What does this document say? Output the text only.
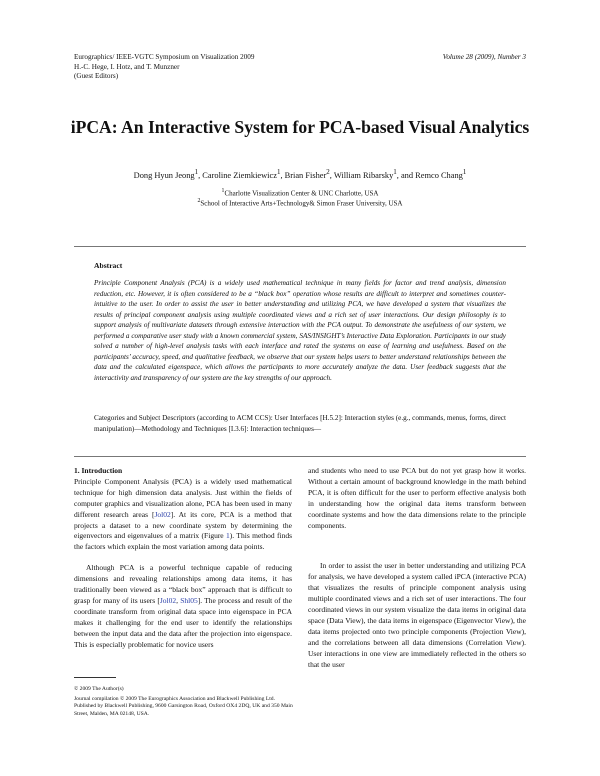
Eurographics/ IEEE-VGTC Symposium on Visualization 2009
H.-C. Hege, I. Hotz, and T. Munzner
(Guest Editors)
Volume 28 (2009), Number 3
iPCA: An Interactive System for PCA-based Visual Analytics
Dong Hyun Jeong$^1$, Caroline Ziemkiewicz$^1$, Brian Fisher$^2$, William Ribarsky$^1$, and Remco Chang$^1$
$^1$Charlotte Visualization Center & UNC Charlotte, USA
$^2$School of Interactive Arts+Technology& Simon Fraser University, USA
Abstract
Principle Component Analysis (PCA) is a widely used mathematical technique in many fields for factor and trend analysis, dimension reduction, etc. However, it is often considered to be a “black box” operation whose results are difficult to interpret and sometimes counter-intuitive to the user. In order to assist the user in better understanding and utilizing PCA, we have developed a system that visualizes the results of principal component analysis using multiple coordinated views and a rich set of user interactions. Our design philosophy is to support analysis of multivariate datasets through extensive interaction with the PCA output. To demonstrate the usefulness of our system, we performed a comparative user study with a known commercial system, SAS/INSIGHT’s Interactive Data Exploration. Participants in our study solved a number of high-level analysis tasks with each interface and rated the systems on ease of learning and usefulness. Based on the participants’ accuracy, speed, and qualitative feedback, we observe that our system helps users to better understand relationships between the data and the calculated eigenspace, which allows the participants to more accurately analyze the data. User feedback suggests that the interactivity and transparency of our system are the key strengths of our approach.
Categories and Subject Descriptors (according to ACM CCS): User Interfaces [H.5.2]: Interaction styles (e.g., commands, menus, forms, direct manipulation)—Methodology and Techniques [I.3.6]: Interaction techniques—

1. Introduction

Principle Component Analysis (PCA) is a widely used mathematical technique for high dimension data analysis. Just within the fields of computer graphics and visualization alone, PCA has been used in many different research areas [Jol02]. At its core, PCA is a method that projects a dataset to a new coordinate system by determining the eigenvectors and eigenvalues of a matrix (Figure 1). This method finds the factors which explain the most variation among data points.

Although PCA is a powerful technique capable of reducing dimensions and revealing relationships among data items, it has traditionally been viewed as a “black box” approach that is difficult to grasp for many of its users [Jol02, Shl05]. The process and result of the coordinate transform from original data space into eigenspace in PCA makes it challenging for the end user to identify the relationships between the input data and the data after the projection into eigenspace. This is especially problematic for novice users

and students who need to use PCA but do not yet grasp how it works. Without a certain amount of background knowledge in the math behind PCA, it is often difficult for the user to perform effective analysis both in understanding how the original data items transform between coordinate systems and how the data dimensions relate to the principle components.

In order to assist the user in better understanding and utilizing PCA for analysis, we have developed a system called iPCA (interactive PCA) that visualizes the results of principle component analysis using multiple coordinated views and a rich set of user interactions. The four coordinated views in our system visualize the data items in original data space (Data View), the data items in eigenspace (Eigenvector View), the data items projected onto two principle components (Projection View), and the correlations between all data dimensions (Correlation View). User interactions in one view are immediately reflected in the others so that the user

© 2009 The Author(s)

Journal compilation © 2009 The Eurographics Association and Blackwell Publishing Ltd. Published by Blackwell Publishing, 9600 Garsington Road, Oxford OX4 2DQ, UK and 350 Main Street, Malden, MA 02148, USA.
